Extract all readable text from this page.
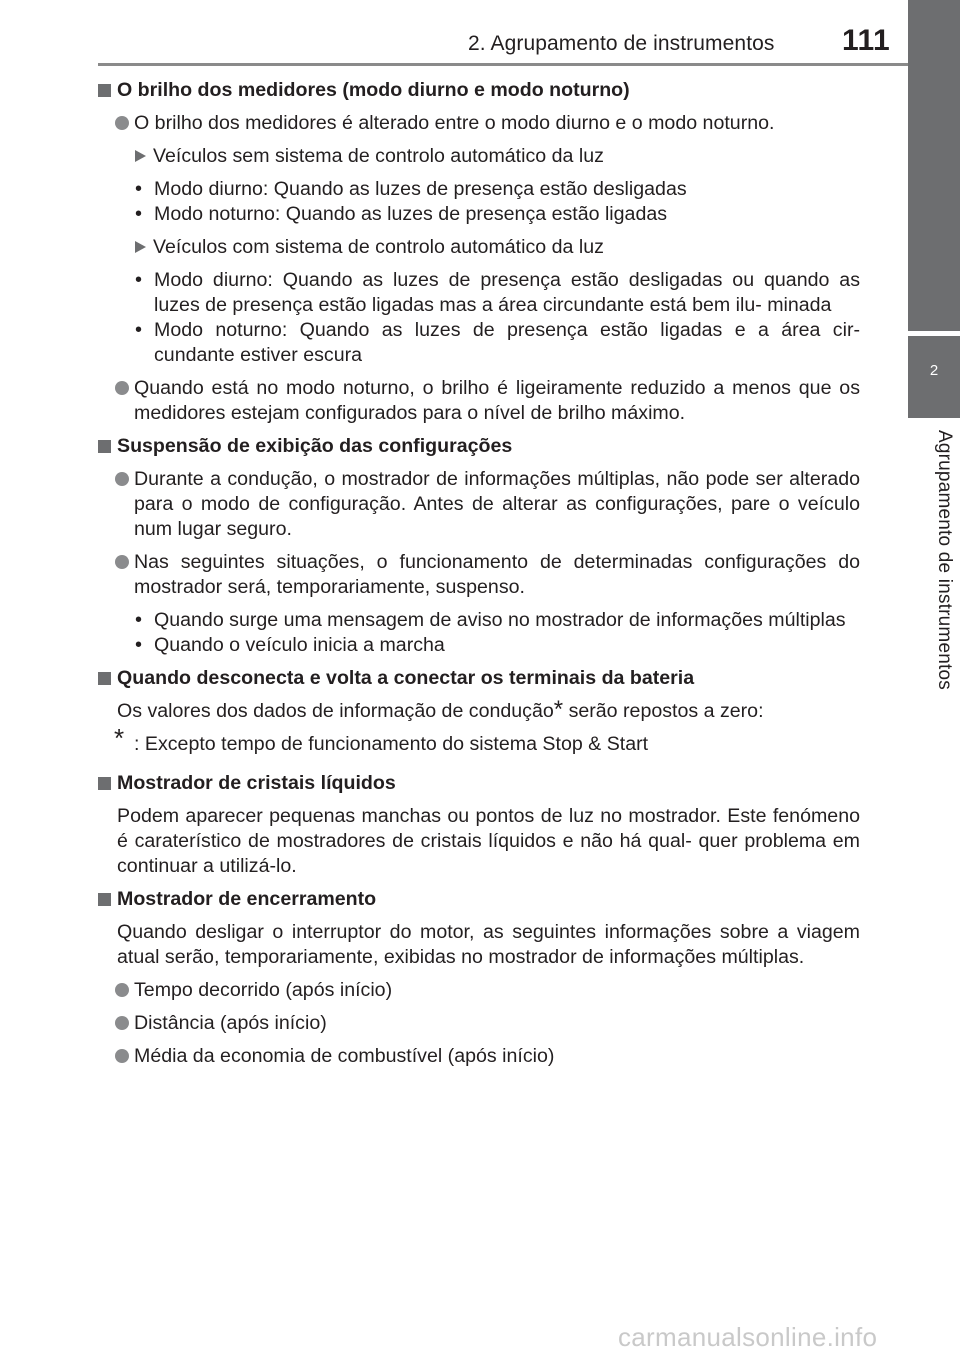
2. Agrupamento de instrumentos 111
2
Agrupamento de instrumentos
O brilho dos medidores (modo diurno e modo noturno)
O brilho dos medidores é alterado entre o modo diurno e o modo noturno.
Veículos sem sistema de controlo automático da luz
• Modo diurno: Quando as luzes de presença estão desligadas
• Modo noturno: Quando as luzes de presença estão ligadas
Veículos com sistema de controlo automático da luz
• Modo diurno: Quando as luzes de presença estão desligadas ou quando as luzes de presença estão ligadas mas a área circundante está bem ilu- minada
• Modo noturno: Quando as luzes de presença estão ligadas e a área cir- cundante estiver escura
Quando está no modo noturno, o brilho é ligeiramente reduzido a menos que os medidores estejam configurados para o nível de brilho máximo.
Suspensão de exibição das configurações
Durante a condução, o mostrador de informações múltiplas, não pode ser alterado para o modo de configuração. Antes de alterar as configurações, pare o veículo num lugar seguro.
Nas seguintes situações, o funcionamento de determinadas configurações do mostrador será, temporariamente, suspenso.
• Quando surge uma mensagem de aviso no mostrador de informações múltiplas
• Quando o veículo inicia a marcha
Quando desconecta e volta a conectar os terminais da bateria
Os valores dos dados de informação de condução* serão repostos a zero:
* : Excepto tempo de funcionamento do sistema Stop & Start
Mostrador de cristais líquidos
Podem aparecer pequenas manchas ou pontos de luz no mostrador. Este fenómeno é caraterístico de mostradores de cristais líquidos e não há qual- quer problema em continuar a utilizá-lo.
Mostrador de encerramento
Quando desligar o interruptor do motor, as seguintes informações sobre a viagem atual serão, temporariamente, exibidas no mostrador de informações múltiplas.
Tempo decorrido (após início)
Distância (após início)
Média da economia de combustível (após início)
carmanualsonline.info
